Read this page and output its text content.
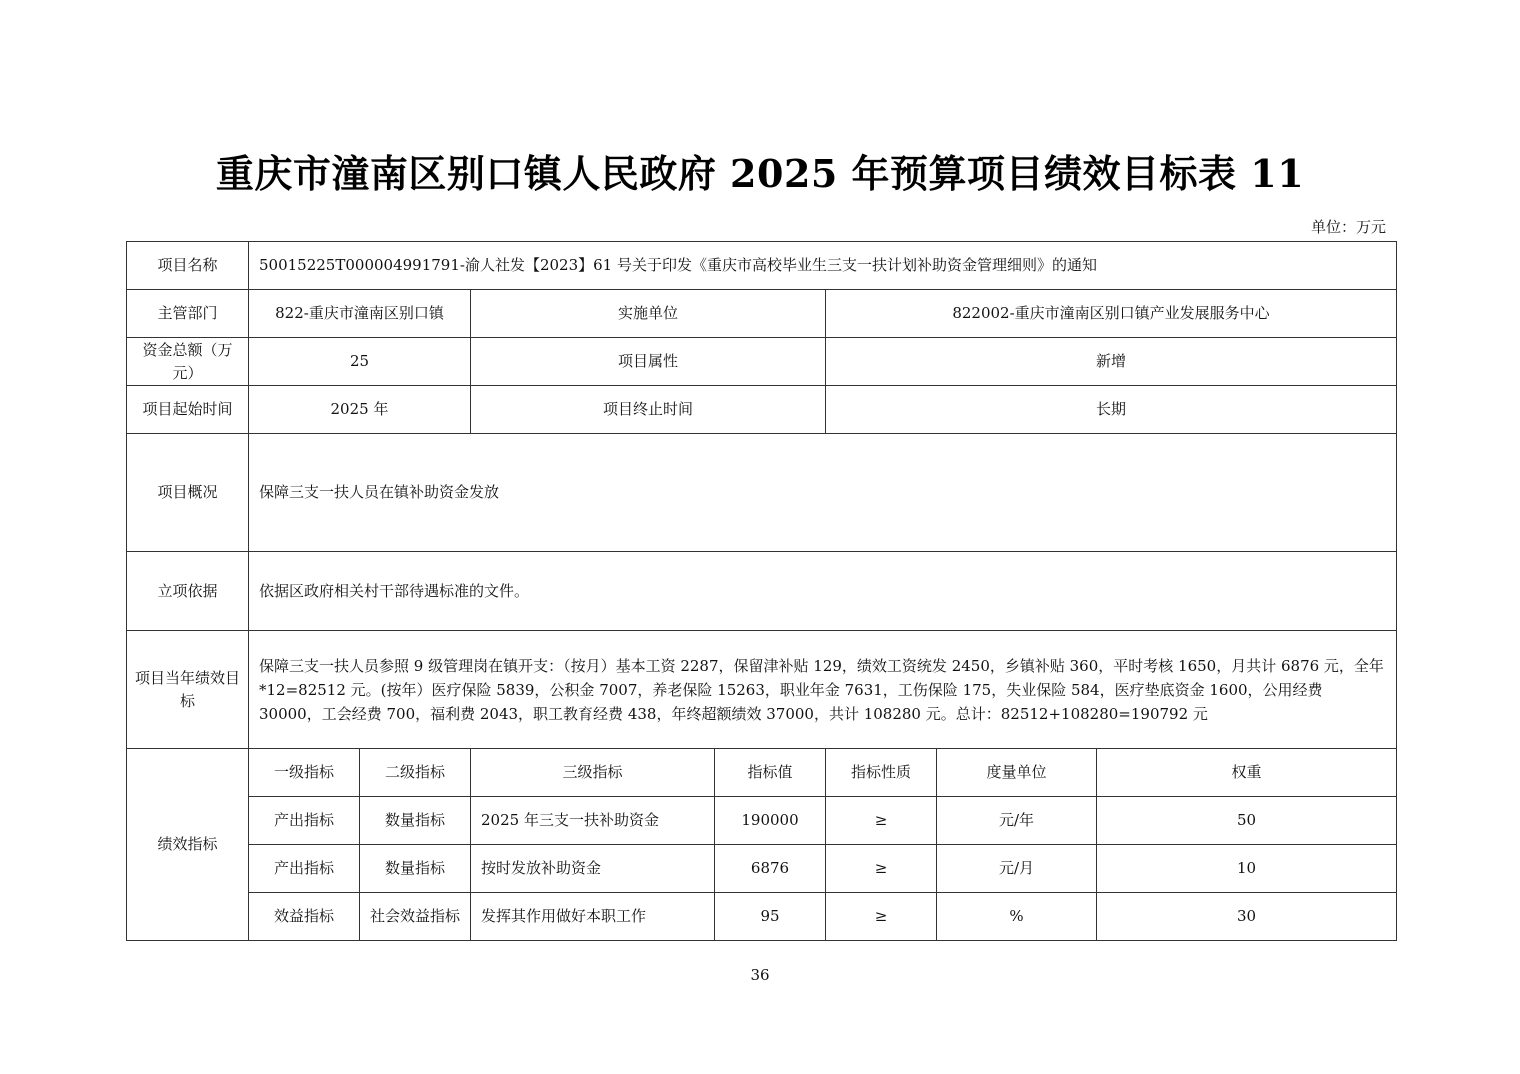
重庆市潼南区别口镇人民政府 2025 年预算项目绩效目标表 11
单位：万元
项目名称	50015225T000004991791-渝人社发【2023】61 号关于印发《重庆市高校毕业生三支一扶计划补助资金管理细则》的通知						
主管部门	822-重庆市潼南区别口镇		实施单位		822002-重庆市潼南区别口镇产业发展服务中心		
资金总额（万元）	25		项目属性		新增		
项目起始时间	2025 年		项目终止时间		长期		
项目概况	保障三支一扶人员在镇补助资金发放						
立项依据	依据区政府相关村干部待遇标准的文件。						
项目当年绩效目标	保障三支一扶人员参照 9 级管理岗在镇开支：（按月）基本工资 2287，保留津补贴 129，绩效工资统发 2450，乡镇补贴 360，平时考核 1650，月共计 6876 元，全年*12=82512 元。(按年）医疗保险 5839，公积金 7007，养老保险 15263，职业年金 7631，工伤保险 175，失业保险 584，医疗垫底资金 1600，公用经费 30000，工会经费 700，福利费 2043，职工教育经费 438，年终超额绩效 37000，共计 108280 元。总计：82512+108280=190792 元						
绩效指标	一级指标	二级指标	三级指标	指标值	指标性质	度量单位	权重
	产出指标	数量指标	2025 年三支一扶补助资金	190000	≥	元/年	50
	产出指标	数量指标	按时发放补助资金	6876	≥	元/月	10
	效益指标	社会效益指标	发挥其作用做好本职工作	95	≥	%	30
36
